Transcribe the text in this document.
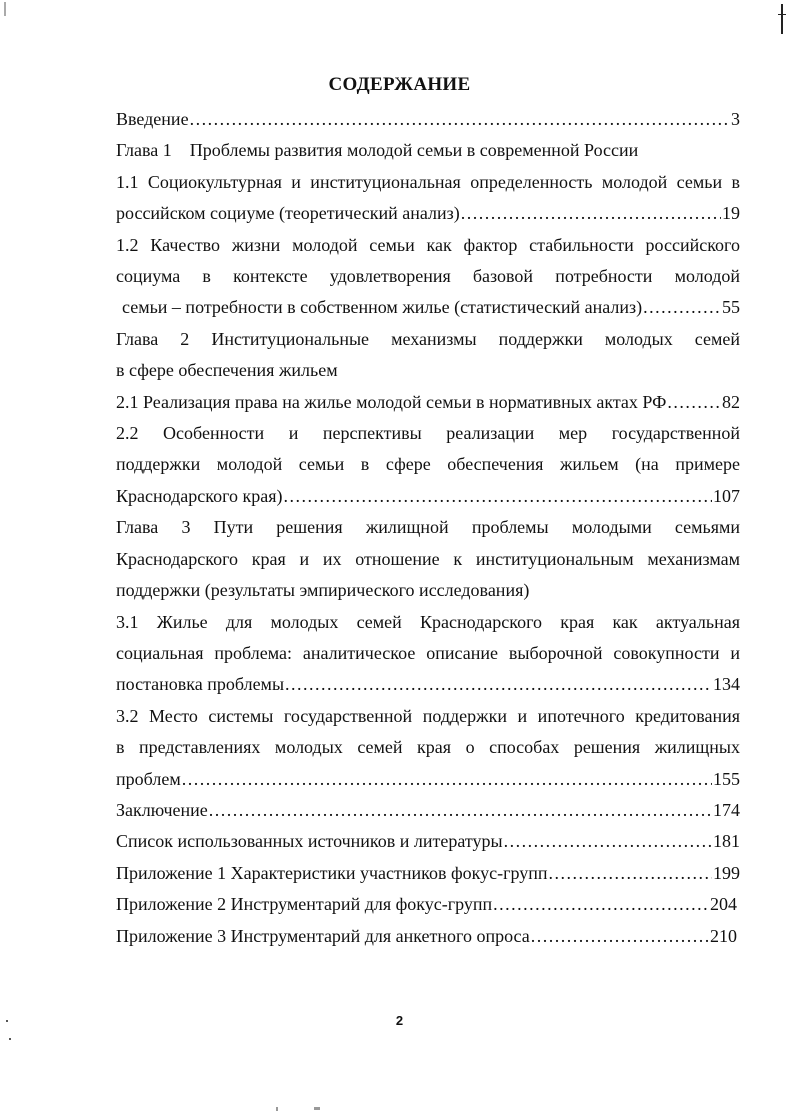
СОДЕРЖАНИЕ
Введение .....	3
Глава 1 Проблемы развития молодой семьи в современной России
1.1 Социокультурная и институциональная определенность молодой семьи в
российском социуме (теоретический анализ) .....	19
1.2 Качество жизни молодой семьи как фактор стабильности российского
социума в контексте удовлетворения базовой потребности молодой
семьи – потребности в собственном жилье (статистический анализ) .....	55
Глава 2 Институциональные механизмы поддержки молодых семей
в сфере обеспечения жильем
2.1 Реализация права на жилье молодой семьи в нормативных актах РФ .....	82
2.2 Особенности и перспективы реализации мер государственной
поддержки молодой семьи в сфере обеспечения жильем (на примере
Краснодарского края) .....	107
Глава 3 Пути решения жилищной проблемы молодыми семьями
Краснодарского края и их отношение к институциональным механизмам
поддержки (результаты эмпирического исследования)
3.1 Жилье для молодых семей Краснодарского края как актуальная
социальная проблема: аналитическое описание выборочной совокупности и
постановка проблемы .....	134
3.2 Место системы государственной поддержки и ипотечного кредитования
в представлениях молодых семей края о способах решения жилищных
проблем .....	155
Заключение .....	174
Список использованных источников и литературы .....	181
Приложение 1 Характеристики участников фокус-групп .....	199
Приложение 2 Инструментарий для фокус-групп .....	204
Приложение 3 Инструментарий для анкетного опроса .....	210
2
